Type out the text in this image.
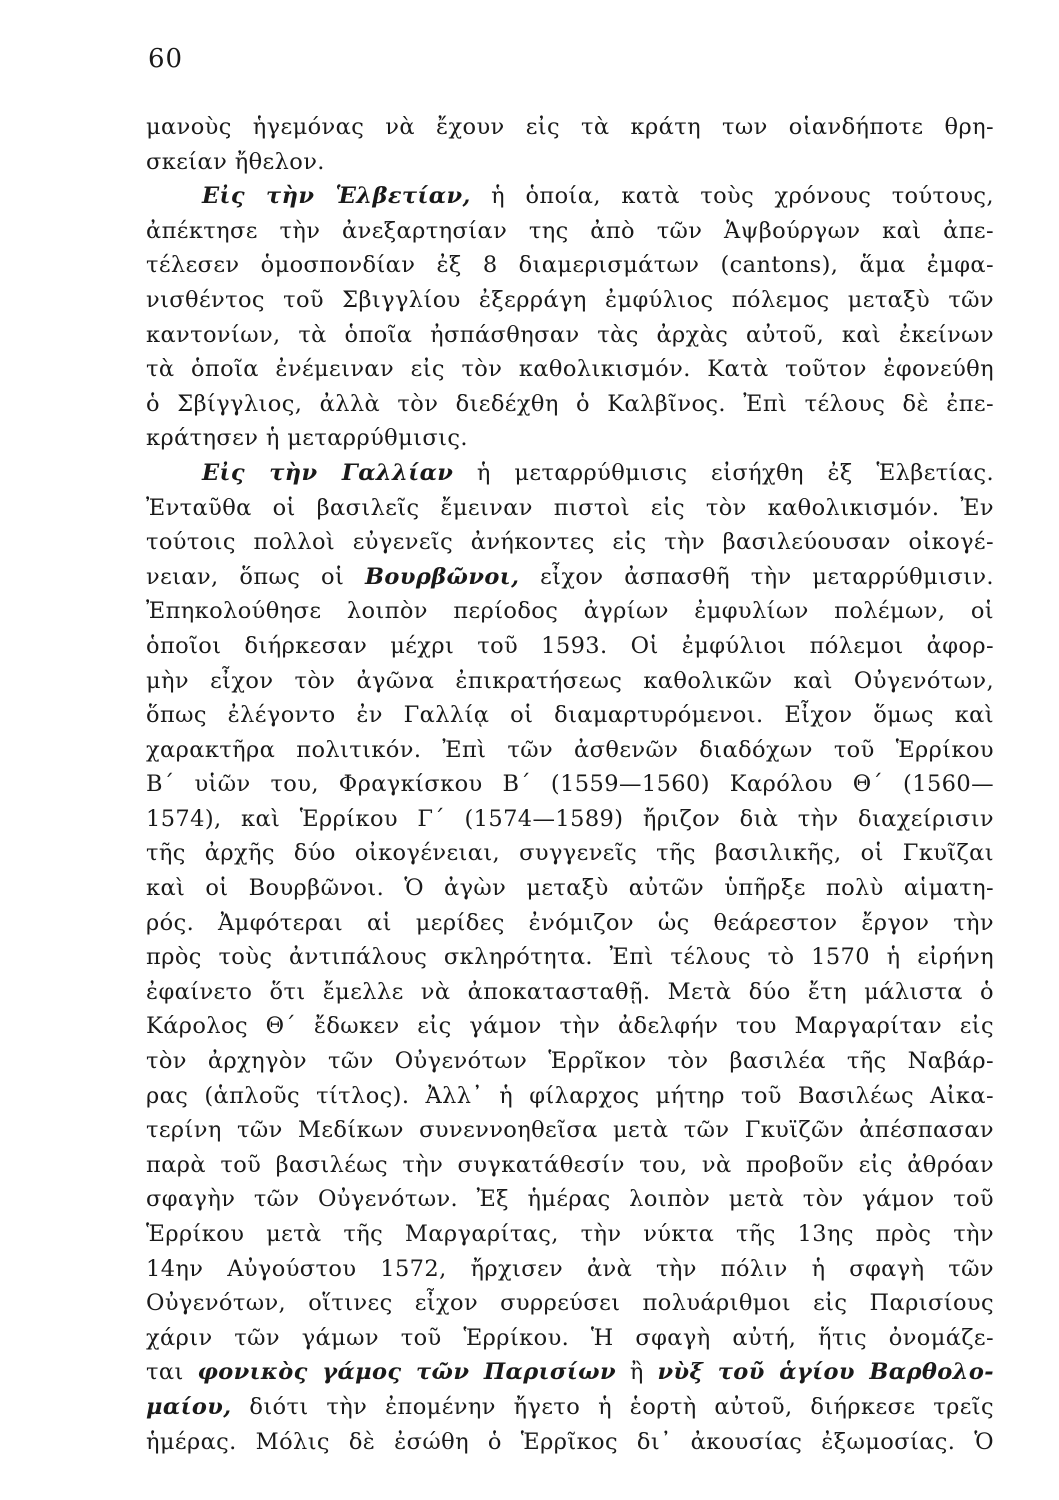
60
μανοὺς ἡγεμόνας νὰ ἔχουν εἰς τὰ κράτη των οἱανδήποτε θρη-
σκείαν ἤθελον.
Εἰς τὴν Ἑλβετίαν, ἡ ὁποία, κατὰ τοὺς χρόνους τούτους,
ἀπέκτησε τὴν ἀνεξαρτησίαν της ἀπὸ τῶν Ἁψβούργων καὶ ἀπε-
τέλεσεν ὁμοσπονδίαν ἐξ 8 διαμερισμάτων (cantons), ἅμα ἐμφα-
νισθέντος τοῦ Σβιγγλίου ἐξερράγη ἐμφύλιος πόλεμος μεταξὺ τῶν
καντονίων, τὰ ὁποῖα ἠσπάσθησαν τὰς ἀρχὰς αὐτοῦ, καὶ ἐκείνων
τὰ ὁποῖα ἐνέμειναν εἰς τὸν καθολικισμόν. Κατὰ τοῦτον ἐφονεύθη
ὁ Σβίγγλιος, ἀλλὰ τὸν διεδέχθη ὁ Καλβῖνος. Ἐπὶ τέλους δὲ ἐπε-
κράτησεν ἡ μεταρρύθμισις.
Εἰς τὴν Γαλλίαν ἡ μεταρρύθμισις εἰσήχθη ἐξ Ἑλβετίας.
Ἐνταῦθα οἱ βασιλεῖς ἔμειναν πιστοὶ εἰς τὸν καθολικισμόν. Ἐν
τούτοις πολλοὶ εὐγενεῖς ἀνήκοντες εἰς τὴν βασιλεύουσαν οἰκογέ-
νειαν, ὅπως οἱ Βουρβῶνοι, εἶχον ἀσπασθῆ τὴν μεταρρύθμισιν.
Ἐπηκολούθησε λοιπὸν περίοδος ἀγρίων ἐμφυλίων πολέμων, οἱ
ὁποῖοι διήρκεσαν μέχρι τοῦ 1593. Οἱ ἐμφύλιοι πόλεμοι ἀφορ-
μὴν εἶχον τὸν ἀγῶνα ἐπικρατήσεως καθολικῶν καὶ Οὐγενότων,
ὅπως ἐλέγοντο ἐν Γαλλίᾳ οἱ διαμαρτυρόμενοι. Εἶχον ὅμως καὶ
χαρακτῆρα πολιτικόν. Ἐπὶ τῶν ἀσθενῶν διαδόχων τοῦ Ἑρρίκου
Β΄ υἱῶν του, Φραγκίσκου Β΄ (1559—1560) Καρόλου Θ΄ (1560—
1574), καὶ Ἑρρίκου Γ΄ (1574—1589) ἤριζον διὰ τὴν διαχείρισιν
τῆς ἀρχῆς δύο οἰκογένειαι, συγγενεῖς τῆς βασιλικῆς, οἱ Γκυῖζαι
καὶ οἱ Βουρβῶνοι. Ὁ ἀγὼν μεταξὺ αὐτῶν ὑπῆρξε πολὺ αἱματη-
ρός. Ἀμφότεραι αἱ μερίδες ἐνόμιζον ὡς θεάρεστον ἔργον τὴν
πρὸς τοὺς ἀντιπάλους σκληρότητα. Ἐπὶ τέλους τὸ 1570 ἡ εἰρήνη
ἐφαίνετο ὅτι ἔμελλε νὰ ἀποκατασταθῇ. Μετὰ δύο ἔτη μάλιστα ὁ
Κάρολος Θ΄ ἔδωκεν εἰς γάμον τὴν ἀδελφήν του Μαργαρίταν εἰς
τὸν ἀρχηγὸν τῶν Οὐγενότων Ἑρρῖκον τὸν βασιλέα τῆς Ναβάρ-
ρας (ἁπλοῦς τίτλος). Ἀλλ᾽ ἡ φίλαρχος μήτηρ τοῦ Βασιλέως Αἰκα-
τερίνη τῶν Μεδίκων συνεννοηθεῖσα μετὰ τῶν Γκυϊζῶν ἀπέσπασαν
παρὰ τοῦ βασιλέως τὴν συγκατάθεσίν του, νὰ προβοῦν εἰς ἀθρόαν
σφαγὴν τῶν Οὐγενότων. Ἐξ ἡμέρας λοιπὸν μετὰ τὸν γάμον τοῦ
Ἑρρίκου μετὰ τῆς Μαργαρίτας, τὴν νύκτα τῆς 13ης πρὸς τὴν
14ην Αὐγούστου 1572, ἤρχισεν ἀνὰ τὴν πόλιν ἡ σφαγὴ τῶν
Οὐγενότων, οἵτινες εἶχον συρρεύσει πολυάριθμοι εἰς Παρισίους
χάριν τῶν γάμων τοῦ Ἑρρίκου. Ἡ σφαγὴ αὐτή, ἥτις ὀνομάζε-
ται φονικὸς γάμος τῶν Παρισίων ἢ νὺξ τοῦ ἁγίου Βαρθολο-
μαίου, διότι τὴν ἐπομένην ἤγετο ἡ ἑορτὴ αὐτοῦ, διήρκεσε τρεῖς
ἡμέρας. Μόλις δὲ ἐσώθη ὁ Ἑρρῖκος δι᾽ ἀκουσίας ἐξωμοσίας. Ὁ
